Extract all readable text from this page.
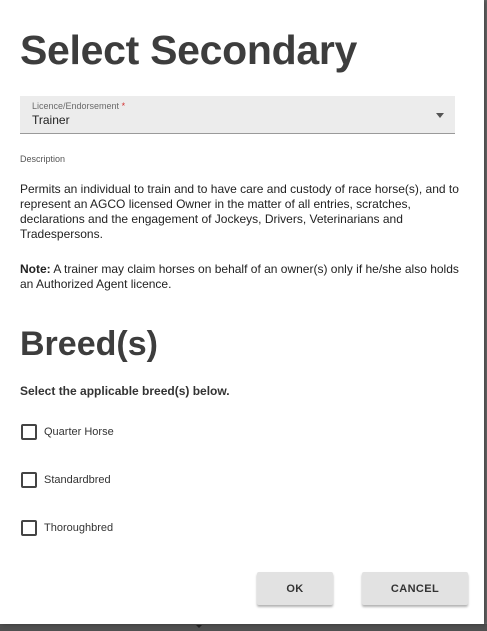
Select Secondary
Licence/Endorsement *
Trainer
Description

Permits an individual to train and to have care and custody of race horse(s), and to represent an AGCO licensed Owner in the matter of all entries, scratches, declarations and the engagement of Jockeys, Drivers, Veterinarians and Tradespersons.

Note: A trainer may claim horses on behalf of an owner(s) only if he/she also holds an Authorized Agent licence.

Breed(s)
Select the applicable breed(s) below.
Quarter Horse
Standardbred
Thoroughbred
OK	CANCEL
